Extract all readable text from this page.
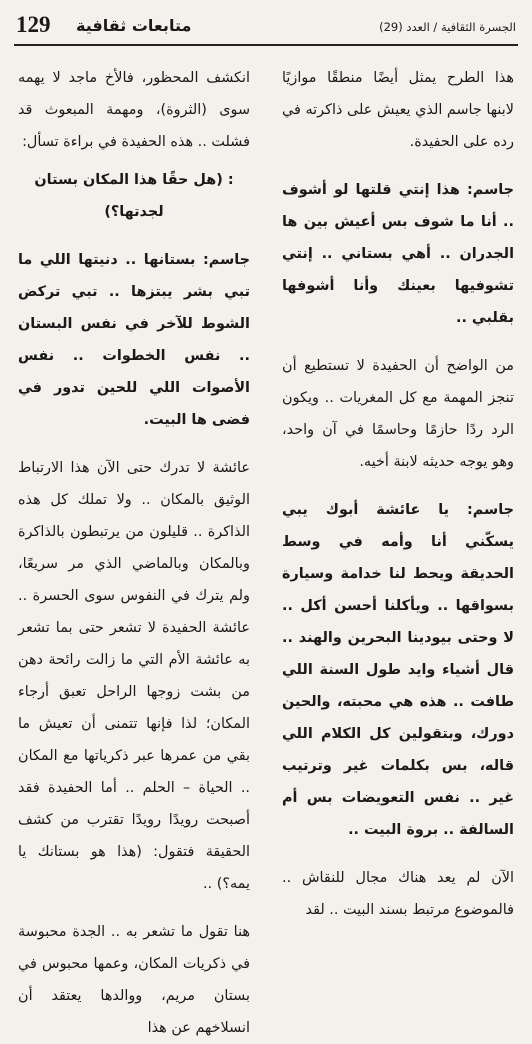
129 متابعات ثقافية	الجسرة الثقافية / العدد (29)

هذا الطرح يمثل أيضًا منطقًا موازيًا لابنها جاسم الذي يعيش على ذاكرته في رده على الحفيدة.

جاسم: هذا إنتي قلتها لو أشوف .. أنا ما شوف بس أعيش بين ها الجدران .. أهي بستاني .. إنتي تشوفيها بعينك وأنا أشوفها بقلبي ..

من الواضح أن الحفيدة لا تستطيع أن تنجز المهمة مع كل المغريات .. ويكون الرد ردًا حازمًا وحاسمًا في آن واحد، وهو يوجه حديثه لابنة أخيه.

جاسم: يا عائشة أبوك يبي يسكّني أنا وأمه في وسط الحديقة ويحط لنا خدامة وسيارة بسواقها .. ويأكلنا أحسن أكل .. لا وحتى بيودينا البحرين والهند .. قال أشياء وايد طول السنة اللي طافت .. هذه هي محبته، والحين دورك، وبتقولين كل الكلام اللي قاله، بس بكلمات غير وترتيب غير .. نفس التعويضات بس أم السالفة .. بروة البيت ..

الآن لم يعد هناك مجال للنقاش .. فالموضوع مرتبط بسند البيت .. لقد

انكشف المحظور، فالأخ ماجد لا يهمه سوى (الثروة)، ومهمة المبعوث قد فشلت .. هذه الحفيدة في براءة تسأل:

: (هل حقًا هذا المكان بستان لجدتها؟)

جاسم: بستانها .. دنيتها اللي ما تبي بشر يبتزها .. تبي تركض الشوط للآخر في نفس البستان .. نفس الخطوات .. نفس الأصوات اللي للحين تدور في فضى ها البيت.

عائشة لا تدرك حتى الآن هذا الارتباط الوثيق بالمكان .. ولا تملك كل هذه الذاكرة .. قليلون من يرتبطون بالذاكرة وبالمكان وبالماضي الذي مر سريعًا، ولم يترك في النفوس سوى الحسرة .. عائشة الحفيدة لا تشعر حتى بما تشعر به عائشة الأم التي ما زالت رائحة دهن من بشت زوجها الراحل تعبق أرجاء المكان؛ لذا فإنها تتمنى أن تعيش ما بقي من عمرها عبر ذكرياتها مع المكان .. الحياة – الحلم .. أما الحفيدة فقد أصبحت رويدًا رويدًا تقترب من كشف الحقيقة فتقول: (هذا هو بستانك يا يمه؟) ..

هنا تقول ما تشعر به .. الجدة محبوسة في ذكريات المكان، وعمها محبوس في بستان مريم، ووالدها يعتقد أن انسلاخهم عن هذا
